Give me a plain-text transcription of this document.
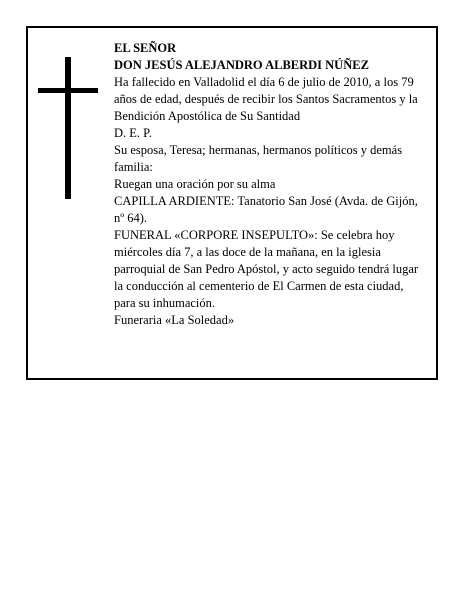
EL SEÑOR

DON JESÚS ALEJANDRO ALBERDI NÚÑEZ

Ha fallecido en Valladolid el día 6 de julio de 2010, a los 79 años de edad, después de recibir los Santos Sacramentos y la Bendición Apostólica de Su Santidad

D. E. P.

Su esposa, Teresa; hermanas, hermanos políticos y demás familia:

Ruegan una oración por su alma

CAPILLA ARDIENTE: Tanatorio San José (Avda. de Gijón, nº 64).

FUNERAL «CORPORE INSEPULTO»: Se celebra hoy miércoles día 7, a las doce de la mañana, en la iglesia parroquial de San Pedro Apóstol, y acto seguido tendrá lugar la conducción al cementerio de El Carmen de esta ciudad, para su inhumación.

Funeraria «La Soledad»
